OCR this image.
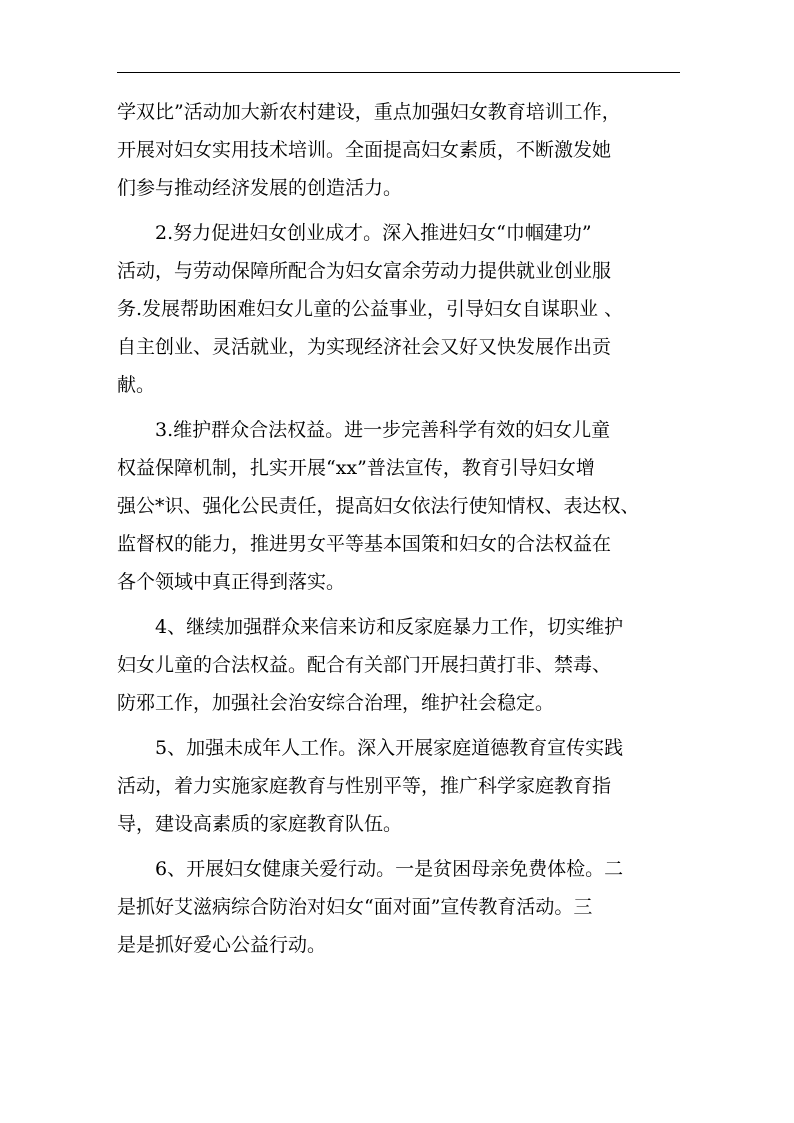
学双比”活动加大新农村建设，重点加强妇女教育培训工作，
开展对妇女实用技术培训。全面提高妇女素质，不断激发她
们参与推动经济发展的创造活力。
2.努力促进妇女创业成才。深入推进妇女“巾帼建功”
活动，与劳动保障所配合为妇女富余劳动力提供就业创业服
务.发展帮助困难妇女儿童的公益事业，引导妇女自谋职业 、
自主创业、灵活就业，为实现经济社会又好又快发展作出贡
献。
3.维护群众合法权益。进一步完善科学有效的妇女儿童
权益保障机制，扎实开展“xx”普法宣传，教育引导妇女增
强公*识、强化公民责任，提高妇女依法行使知情权、表达权、
监督权的能力，推进男女平等基本国策和妇女的合法权益在
各个领域中真正得到落实。
4、继续加强群众来信来访和反家庭暴力工作，切实维护
妇女儿童的合法权益。配合有关部门开展扫黄打非、禁毒、
防邪工作，加强社会治安综合治理，维护社会稳定。
5、加强未成年人工作。深入开展家庭道德教育宣传实践
活动，着力实施家庭教育与性别平等，推广科学家庭教育指
导，建设高素质的家庭教育队伍。
6、开展妇女健康关爱行动。一是贫困母亲免费体检。二
是抓好艾滋病综合防治对妇女“面对面”宣传教育活动。三
是是抓好爱心公益行动。
